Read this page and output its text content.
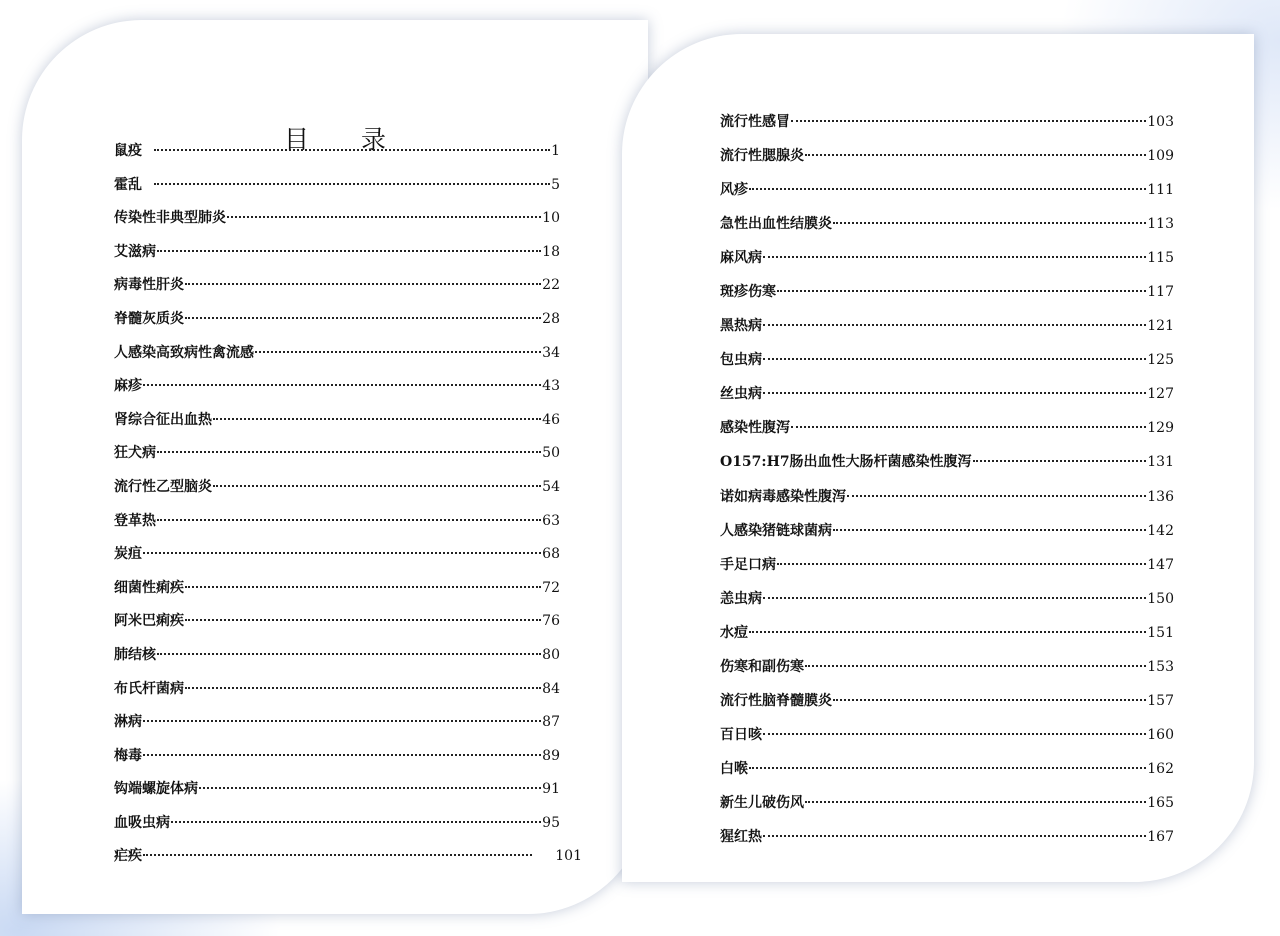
目 录
鼠疫	1
霍乱	5
传染性非典型肺炎	10
艾滋病	18
病毒性肝炎	22
脊髓灰质炎	28
人感染高致病性禽流感	34
麻疹	43
肾综合征出血热	46
狂犬病	50
流行性乙型脑炎	54
登革热	63
炭疽	68
细菌性痢疾	72
阿米巴痢疾	76
肺结核	80
布氏杆菌病	84
淋病	87
梅毒	89
钩端螺旋体病	91
血吸虫病	95
疟疾	101
流行性感冒	103
流行性腮腺炎	109
风疹	111
急性出血性结膜炎	113
麻风病	115
斑疹伤寒	117
黑热病	121
包虫病	125
丝虫病	127
感染性腹泻	129
O157:H7肠出血性大肠杆菌感染性腹泻	131
诺如病毒感染性腹泻	136
人感染猪链球菌病	142
手足口病	147
恙虫病	150
水痘	151
伤寒和副伤寒	153
流行性脑脊髓膜炎	157
百日咳	160
白喉	162
新生儿破伤风	165
猩红热	167
